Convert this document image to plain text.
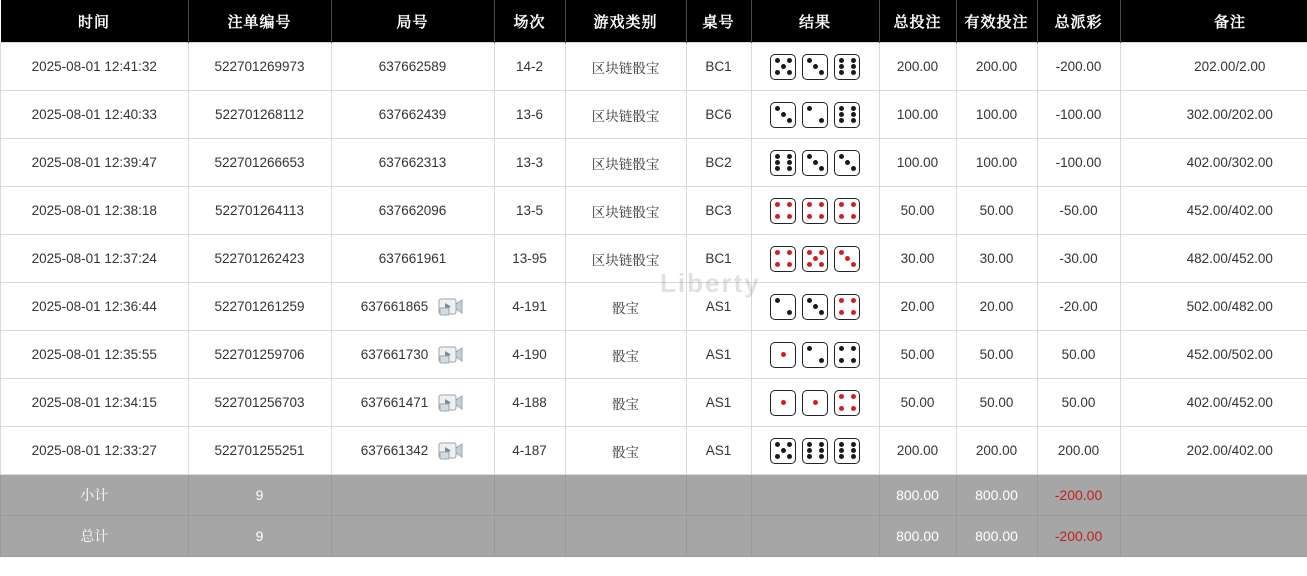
Liberty
时间	注单编号	局号	场次	游戏类别	桌号	结果	总投注	有效投注	总派彩	备注
2025-08-01 12:41:32	522701269973	637662589	14-2	区块链骰宝	BC1		200.00	200.00	-200.00	202.00/2.00
2025-08-01 12:40:33	522701268112	637662439	13-6	区块链骰宝	BC6		100.00	100.00	-100.00	302.00/202.00
2025-08-01 12:39:47	522701266653	637662313	13-3	区块链骰宝	BC2		100.00	100.00	-100.00	402.00/302.00
2025-08-01 12:38:18	522701264113	637662096	13-5	区块链骰宝	BC3		50.00	50.00	-50.00	452.00/402.00
2025-08-01 12:37:24	522701262423	637661961	13-95	区块链骰宝	BC1		30.00	30.00	-30.00	482.00/452.00
2025-08-01 12:36:44	522701261259	637661865	4-191	骰宝	AS1		20.00	20.00	-20.00	502.00/482.00
2025-08-01 12:35:55	522701259706	637661730	4-190	骰宝	AS1		50.00	50.00	50.00	452.00/502.00
2025-08-01 12:34:15	522701256703	637661471	4-188	骰宝	AS1		50.00	50.00	50.00	402.00/452.00
2025-08-01 12:33:27	522701255251	637661342	4-187	骰宝	AS1		200.00	200.00	200.00	202.00/402.00
小计	9						800.00	800.00	-200.00	
总计	9						800.00	800.00	-200.00	
